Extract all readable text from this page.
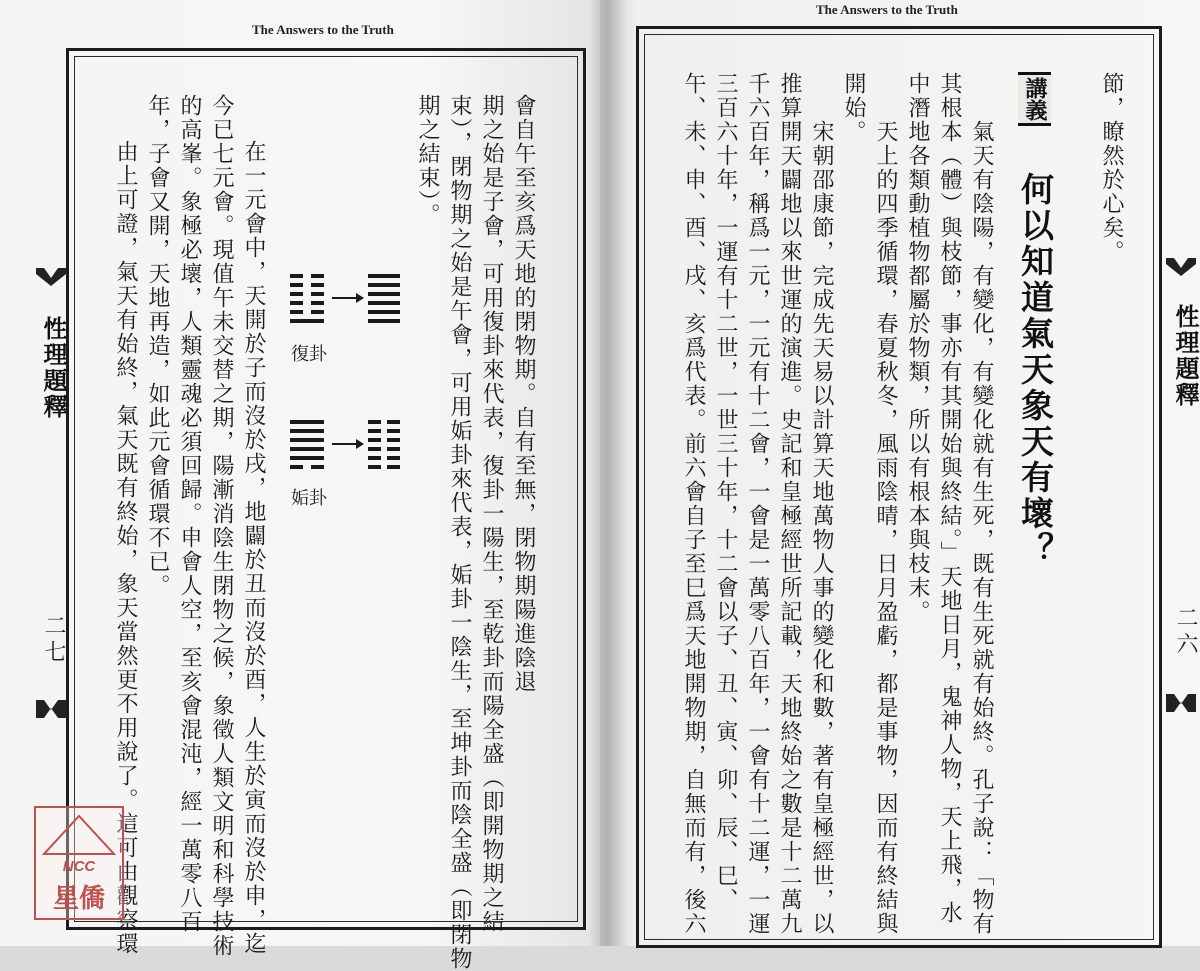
The Answers to the Truth
會自午至亥爲天地的閉物期。自有至無，閉物期陽進陰退
期之始是子會，可用復卦來代表，復卦一陽生，至乾卦而陽全盛（即開物期之結
束），閉物期之始是午會，可用姤卦來代表，姤卦一陰生，至坤卦而陰全盛（即閉物
期之結束）。
復卦
姤卦
在一元會中，天開於子而沒於戌，地闢於丑而沒於酉，人生於寅而沒於申，迄
今已七元會。現值午未交替之期，陽漸消陰生閉物之候，象徵人類文明和科學技術
的高峯。象極必壞，人類靈魂必須回歸。申會人空，至亥會混沌，經一萬零八百
年，子會又開，天地再造，如此元會循環不已。
由上可證，氣天有始終，氣天既有終始，象天當然更不用說了。這可由觀察環
性理題釋
二七
NCC
星僑
The Answers to the Truth
節，瞭然於心矣。
何以知道氣天象天有壞？
講義
開始。
氣天有陰陽，有變化，有變化就有生死，既有生死就有始終。孔子說：「物有
其根本（體）與枝節，事亦有其開始與終結。」天地日月，鬼神人物，天上飛，水
中潛地各類動植物都屬於物類，所以有根本與枝末。
天上的四季循環，春夏秋冬，風雨陰晴，日月盈虧，都是事物，因而有終結與
宋朝邵康節，完成先天易以計算天地萬物人事的變化和數，著有皇極經世，以
推算開天闢地以來世運的演進。史記和皇極經世所記載，天地終始之數是十二萬九
千六百年，稱爲一元，一元有十二會，一會是一萬零八百年，一會有十二運，一運
三百六十年，一運有十二世，一世三十年，十二會以子、丑、寅、卯、辰、巳、
午、未、申、酉、戌、亥爲代表。前六會自子至巳爲天地開物期，自無而有，後六	性理題釋
二六
